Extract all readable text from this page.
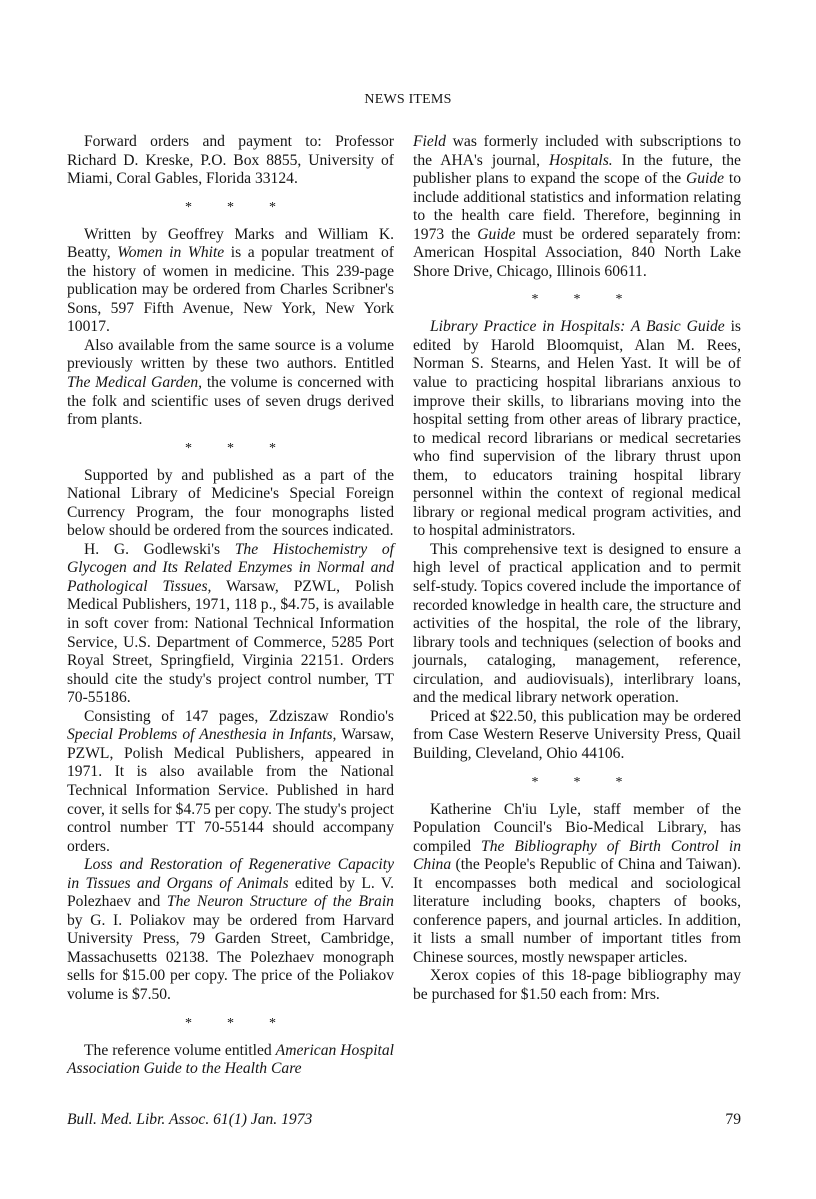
NEWS ITEMS

Forward orders and payment to: Professor Richard D. Kreske, P.O. Box 8855, University of Miami, Coral Gables, Florida 33124.

*	*	*

Written by Geoffrey Marks and William K. Beatty, Women in White is a popular treatment of the history of women in medicine. This 239-page publication may be ordered from Charles Scribner's Sons, 597 Fifth Avenue, New York, New York 10017.

Also available from the same source is a volume previously written by these two authors. Entitled The Medical Garden, the volume is concerned with the folk and scientific uses of seven drugs derived from plants.

*	*	*

Supported by and published as a part of the National Library of Medicine's Special Foreign Currency Program, the four monographs listed below should be ordered from the sources indicated.

H. G. Godlewski's The Histochemistry of Glycogen and Its Related Enzymes in Normal and Pathological Tissues, Warsaw, PZWL, Polish Medical Publishers, 1971, 118 p., $4.75, is available in soft cover from: National Technical Information Service, U.S. Department of Commerce, 5285 Port Royal Street, Springfield, Virginia 22151. Orders should cite the study's project control number, TT 70-55186.

Consisting of 147 pages, Zdziszaw Rondio's Special Problems of Anesthesia in Infants, Warsaw, PZWL, Polish Medical Publishers, appeared in 1971. It is also available from the National Technical Information Service. Published in hard cover, it sells for $4.75 per copy. The study's project control number TT 70-55144 should accompany orders.

Loss and Restoration of Regenerative Capacity in Tissues and Organs of Animals edited by L. V. Polezhaev and The Neuron Structure of the Brain by G. I. Poliakov may be ordered from Harvard University Press, 79 Garden Street, Cambridge, Massachusetts 02138. The Polezhaev monograph sells for $15.00 per copy. The price of the Poliakov volume is $7.50.

*	*	*

The reference volume entitled American Hospital Association Guide to the Health Care

Field was formerly included with subscriptions to the AHA's journal, Hospitals. In the future, the publisher plans to expand the scope of the Guide to include additional statistics and information relating to the health care field. Therefore, beginning in 1973 the Guide must be ordered separately from: American Hospital Association, 840 North Lake Shore Drive, Chicago, Illinois 60611.

*	*	*

Library Practice in Hospitals: A Basic Guide is edited by Harold Bloomquist, Alan M. Rees, Norman S. Stearns, and Helen Yast. It will be of value to practicing hospital librarians anxious to improve their skills, to librarians moving into the hospital setting from other areas of library practice, to medical record librarians or medical secretaries who find supervision of the library thrust upon them, to educators training hospital library personnel within the context of regional medical library or regional medical program activities, and to hospital administrators.

This comprehensive text is designed to ensure a high level of practical application and to permit self-study. Topics covered include the importance of recorded knowledge in health care, the structure and activities of the hospital, the role of the library, library tools and techniques (selection of books and journals, cataloging, management, reference, circulation, and audiovisuals), interlibrary loans, and the medical library network operation.

Priced at $22.50, this publication may be ordered from Case Western Reserve University Press, Quail Building, Cleveland, Ohio 44106.

*	*	*

Katherine Ch'iu Lyle, staff member of the Population Council's Bio-Medical Library, has compiled The Bibliography of Birth Control in China (the People's Republic of China and Taiwan). It encompasses both medical and sociological literature including books, chapters of books, conference papers, and journal articles. In addition, it lists a small number of important titles from Chinese sources, mostly newspaper articles.

Xerox copies of this 18-page bibliography may be purchased for $1.50 each from: Mrs.

Bull. Med. Libr. Assoc. 61(1) Jan. 1973	79
